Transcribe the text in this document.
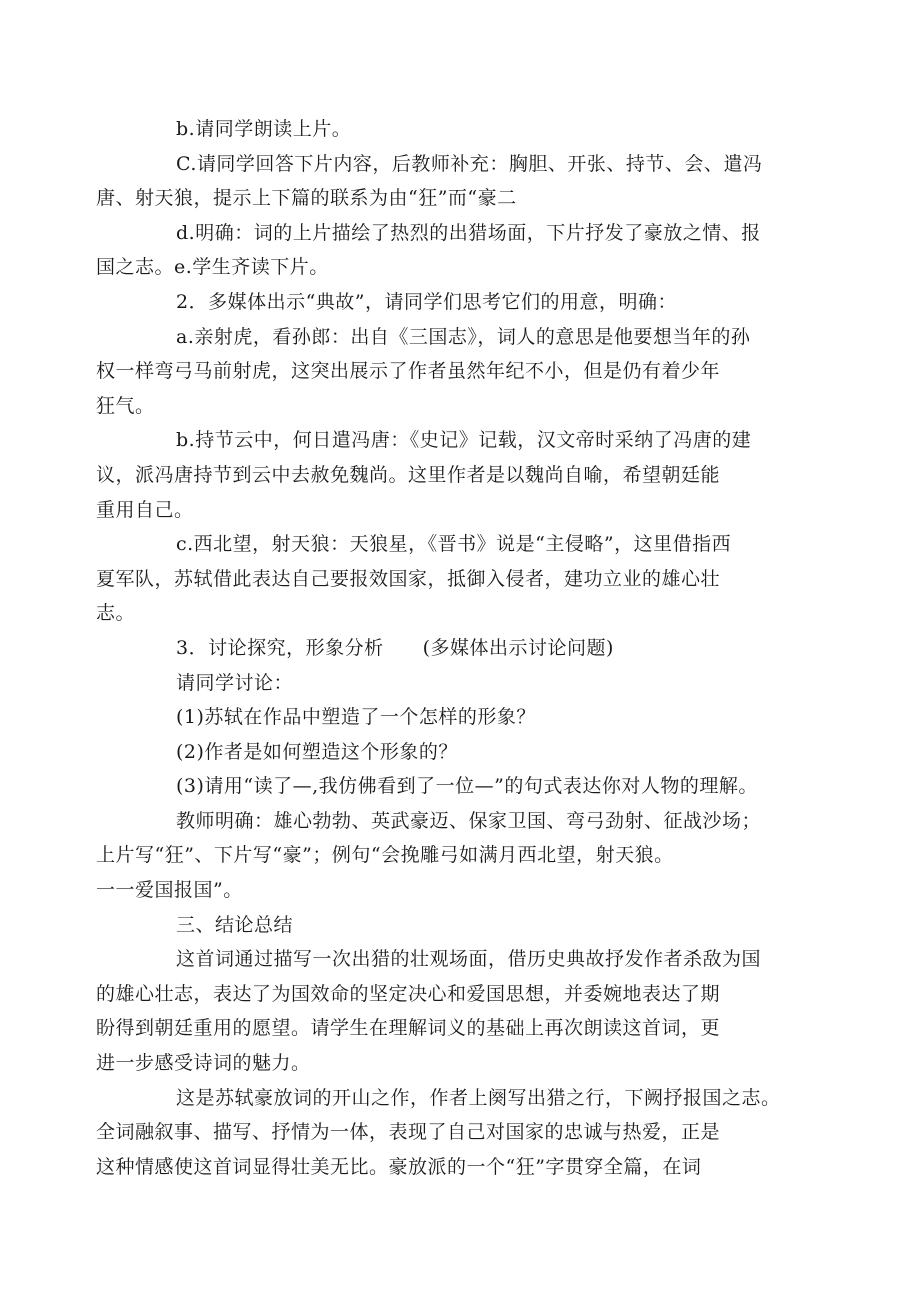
b.请同学朗读上片。
C.请同学回答下片内容，后教师补充：胸胆、开张、持节、会、遣冯
唐、射天狼，提示上下篇的联系为由“狂”而“豪二
d.明确：词的上片描绘了热烈的出猎场面，下片抒发了豪放之情、报
国之志。e.学生齐读下片。
2．多媒体出示“典故”，请同学们思考它们的用意，明确：
a.亲射虎，看孙郎：出自《三国志》，词人的意思是他要想当年的孙
权一样弯弓马前射虎，这突出展示了作者虽然年纪不小，但是仍有着少年
狂气。
b.持节云中，何日遣冯唐：《史记》记载，汉文帝时采纳了冯唐的建
议，派冯唐持节到云中去赦免魏尚。这里作者是以魏尚自喻，希望朝廷能
重用自己。
c.西北望，射天狼：天狼星，《晋书》说是“主侵略”，这里借指西
夏军队，苏轼借此表达自己要报效国家，抵御入侵者，建功立业的雄心壮
志。
3．讨论探究，形象分析　　(多媒体出示讨论问题)
请同学讨论：
(1)苏轼在作品中塑造了一个怎样的形象？
(2)作者是如何塑造这个形象的？
(3)请用“读了—,我仿佛看到了一位—”的句式表达你对人物的理解。
教师明确：雄心勃勃、英武豪迈、保家卫国、弯弓劲射、征战沙场；
上片写“狂”、下片写“豪”；例句“会挽雕弓如满月西北望，射天狼。
一一爱国报国”。
三、结论总结
这首词通过描写一次出猎的壮观场面，借历史典故抒发作者杀敌为国
的雄心壮志，表达了为国效命的坚定决心和爱国思想，并委婉地表达了期
盼得到朝廷重用的愿望。请学生在理解词义的基础上再次朗读这首词，更
进一步感受诗词的魅力。
这是苏轼豪放词的开山之作，作者上阕写出猎之行，下阙抒报国之志。
全词融叙事、描写、抒情为一体，表现了自己对国家的忠诚与热爱，正是
这种情感使这首词显得壮美无比。豪放派的一个“狂”字贯穿全篇，在词
